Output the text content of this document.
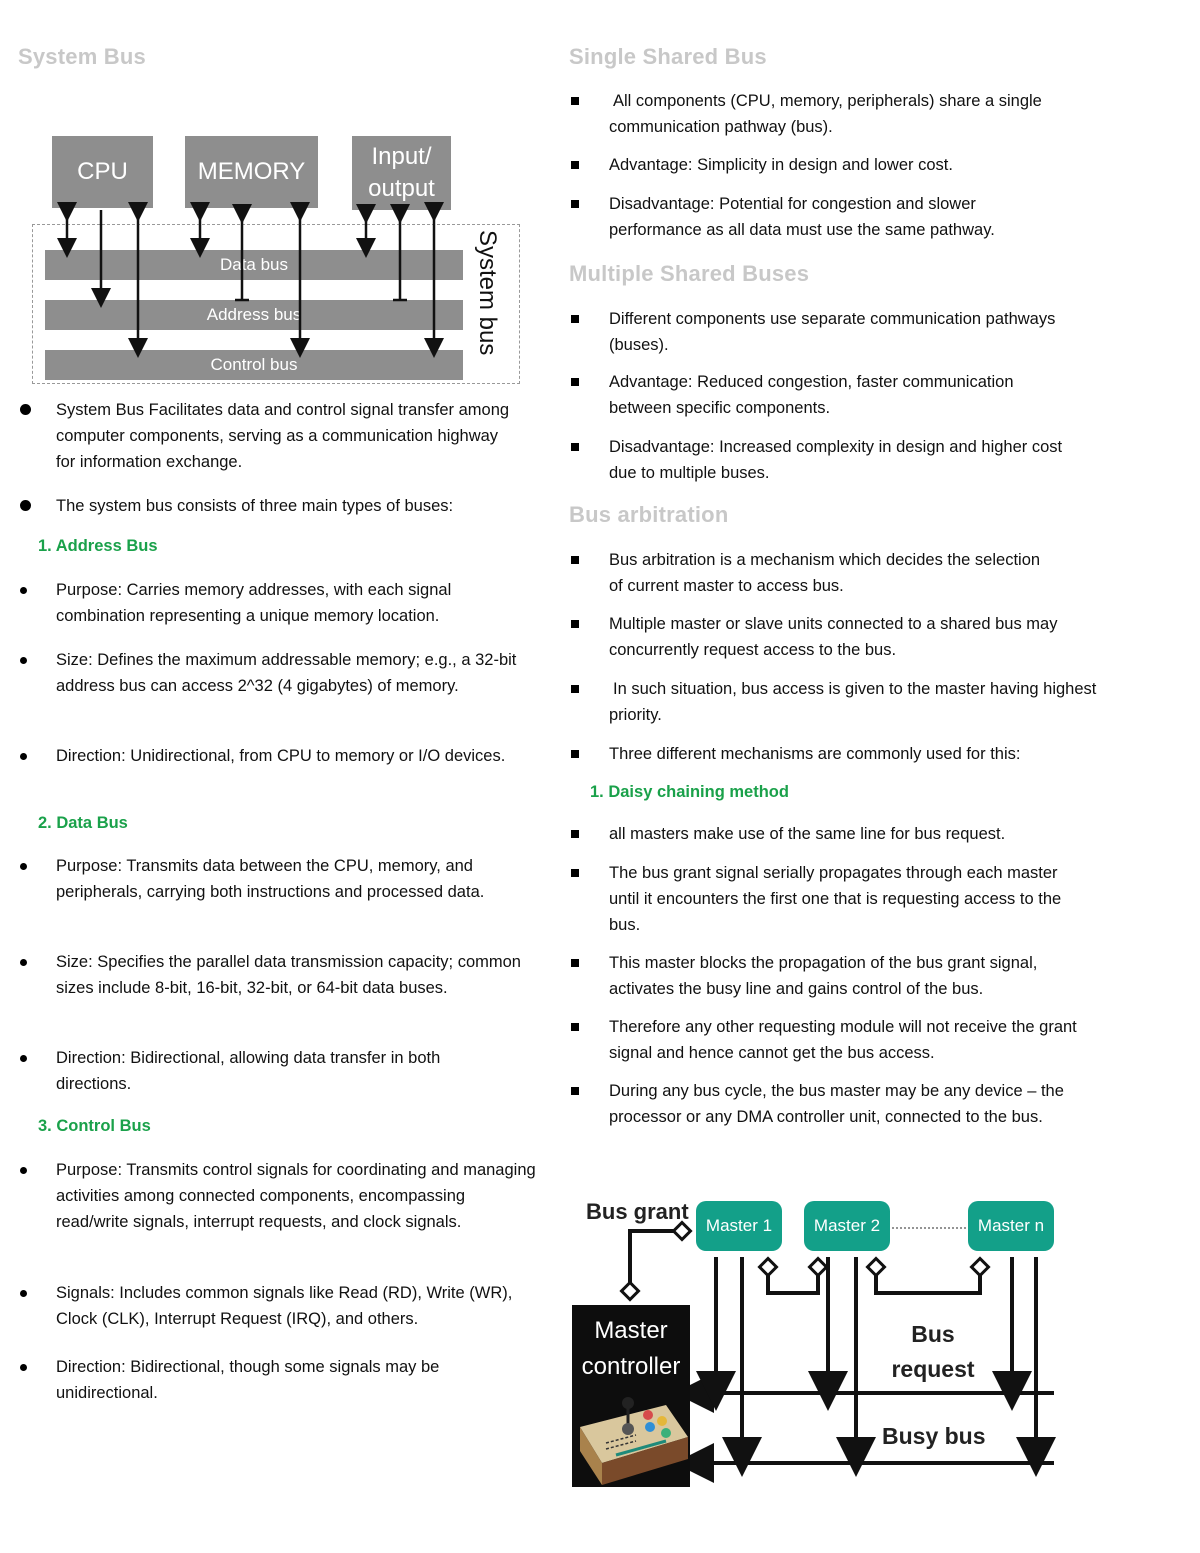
System Bus
CPU	MEMORY
Input/ output
Data bus
Address bus
Control bus
System bus
System Bus Facilitates data and control signal transfer among computer components, serving as a communication highway for information exchange.
The system bus consists of three main types of buses:
1. Address Bus
Purpose: Carries memory addresses, with each signal combination representing a unique memory location.
Size: Defines the maximum addressable memory; e.g., a 32-bit address bus can access 2^32 (4 gigabytes) of memory.
Direction: Unidirectional, from CPU to memory or I/O devices.
2. Data Bus
Purpose: Transmits data between the CPU, memory, and peripherals, carrying both instructions and processed data.
Size: Specifies the parallel data transmission capacity; common sizes include 8-bit, 16-bit, 32-bit, or 64-bit data buses.
Direction: Bidirectional, allowing data transfer in both directions.
3. Control Bus
Purpose: Transmits control signals for coordinating and managing activities among connected components, encompassing read/write signals, interrupt requests, and clock signals.
Signals: Includes common signals like Read (RD), Write (WR), Clock (CLK), Interrupt Request (IRQ), and others.
Direction: Bidirectional, though some signals may be unidirectional.
Single Shared Bus
All components (CPU, memory, peripherals) share a single communication pathway (bus).
Advantage: Simplicity in design and lower cost.
Disadvantage: Potential for congestion and slower performance as all data must use the same pathway.
Multiple Shared Buses
Different components use separate communication pathways (buses).
Advantage: Reduced congestion, faster communication between specific components.
Disadvantage: Increased complexity in design and higher cost due to multiple buses.
Bus arbitration
Bus arbitration is a mechanism which decides the selection of current master to access bus.
Multiple master or slave units connected to a shared bus may concurrently request access to the bus.
In such situation, bus access is given to the master having highest priority.
Three different mechanisms are commonly used for this:
1. Daisy chaining method
all masters make use of the same line for bus request.
The bus grant signal serially propagates through each master until it encounters the first one that is requesting access to the bus.
This master blocks the propagation of the bus grant signal, activates the busy line and gains control of the bus.
Therefore any other requesting module will not receive the grant signal and hence cannot get the bus access.
During any bus cycle, the bus master may be any device – the processor or any DMA controller unit, connected to the bus.
Bus grant
Master 1	Master 2	Master n
Bus request
Busy bus
Master controller
